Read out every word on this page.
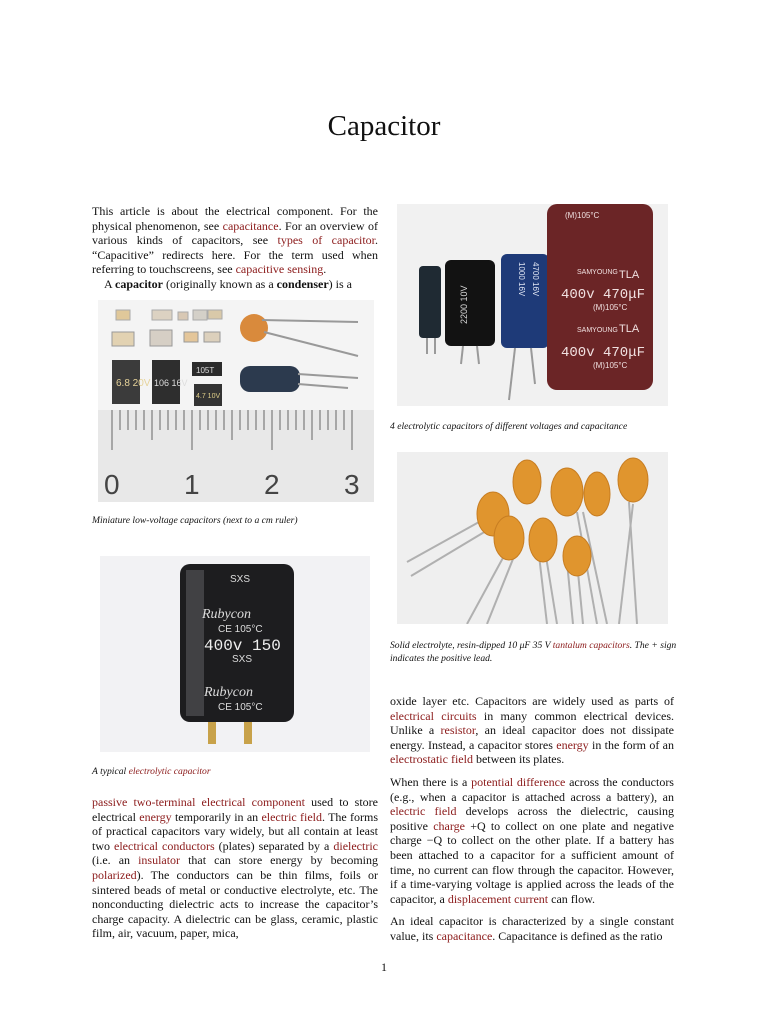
Capacitor

This article is about the electrical component. For the physical phenomenon, see capacitance. For an overview of various kinds of capacitors, see types of capacitor. “Capacitive” redirects here. For the term used when referring to touchscreens, see capacitive sensing.

A capacitor (originally known as a condenser) is a

6.8 20V 106 16V
105T
4.7 10V
0 1 2 3

Miniature low-voltage capacitors (next to a cm ruler)

SXS
Rubycon
CE 105°C
400v 150
SXS
Rubycon
CE 105°C

A typical electrolytic capacitor

passive two-terminal electrical component used to store electrical energy temporarily in an electric field. The forms of practical capacitors vary widely, but all contain at least two electrical conductors (plates) separated by a dielectric (i.e. an insulator that can store energy by becoming polarized). The conductors can be thin films, foils or sintered beads of metal or conductive electrolyte, etc. The nonconducting dielectric acts to increase the capacitor’s charge capacity. A dielectric can be glass, ceramic, plastic film, air, vacuum, paper, mica,

2200 10V
1000 16V 4700 16V
(M)105°C
SAMYOUNG TLA
400v 470μF
(M)105°C
SAMYOUNG TLA
400v 470μF
(M)105°C

4 electrolytic capacitors of different voltages and capacitance

Solid electrolyte, resin-dipped 10 μF 35 V tantalum capacitors. The + sign indicates the positive lead.

oxide layer etc. Capacitors are widely used as parts of electrical circuits in many common electrical devices. Unlike a resistor, an ideal capacitor does not dissipate energy. Instead, a capacitor stores energy in the form of an electrostatic field between its plates.

When there is a potential difference across the conductors (e.g., when a capacitor is attached across a battery), an electric field develops across the dielectric, causing positive charge +Q to collect on one plate and negative charge −Q to collect on the other plate. If a battery has been attached to a capacitor for a sufficient amount of time, no current can flow through the capacitor. However, if a time-varying voltage is applied across the leads of the capacitor, a displacement current can flow.

An ideal capacitor is characterized by a single constant value, its capacitance. Capacitance is defined as the ratio

1
